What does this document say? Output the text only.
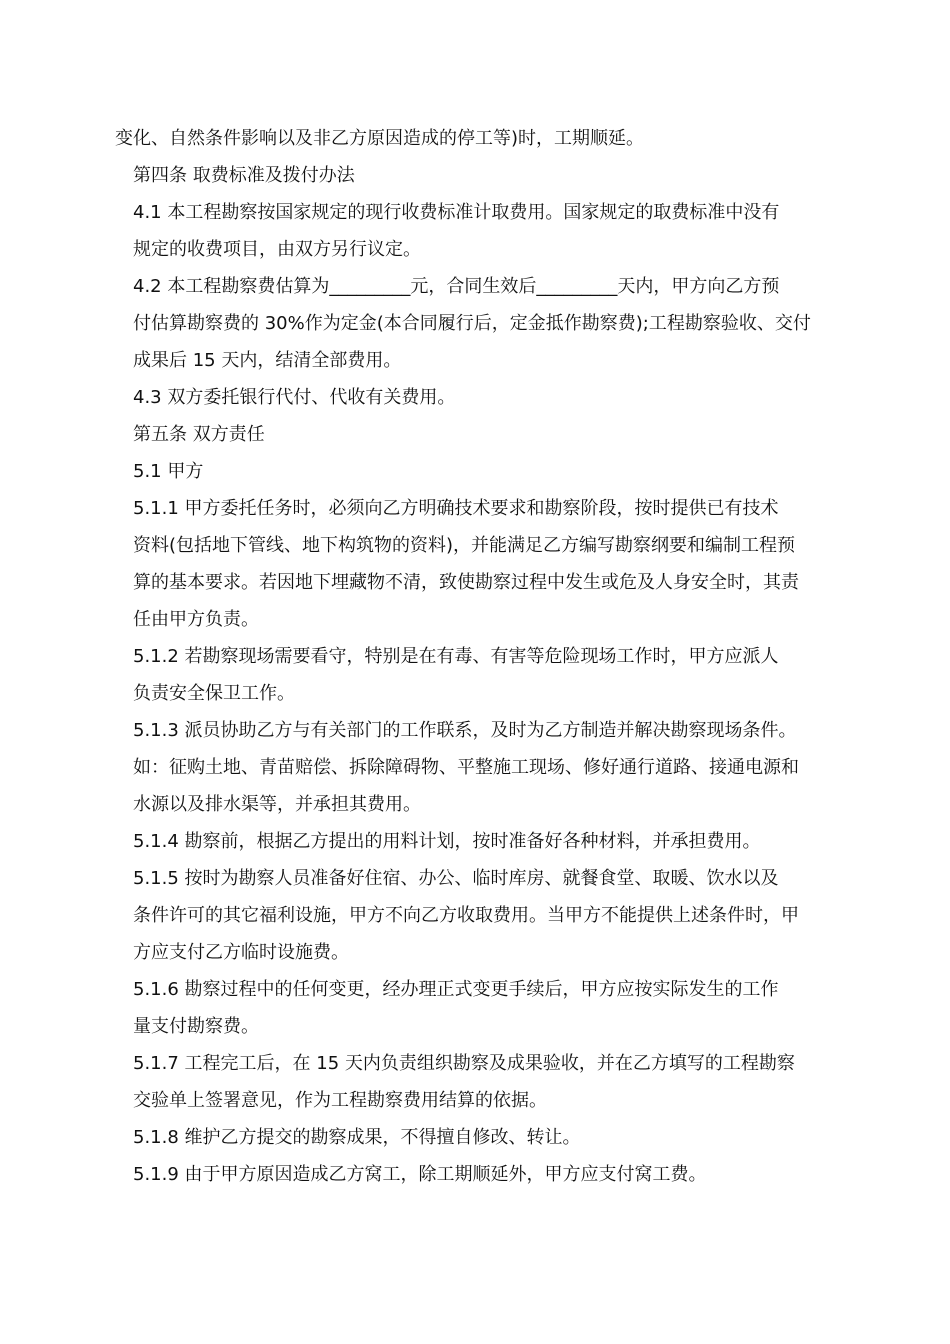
变化、自然条件影响以及非乙方原因造成的停工等)时，工期顺延。

第四条 取费标准及拨付办法

4.1 本工程勘察按国家规定的现行收费标准计取费用。国家规定的取费标准中没有
规定的收费项目，由双方另行议定。

4.2 本工程勘察费估算为_________元，合同生效后_________天内，甲方向乙方预
付估算勘察费的 30%作为定金(本合同履行后，定金抵作勘察费);工程勘察验收、交付
成果后 15 天内，结清全部费用。

4.3 双方委托银行代付、代收有关费用。

第五条 双方责任

5.1 甲方

5.1.1 甲方委托任务时，必须向乙方明确技术要求和勘察阶段，按时提供已有技术
资料(包括地下管线、地下构筑物的资料)，并能满足乙方编写勘察纲要和编制工程预
算的基本要求。若因地下埋藏物不清，致使勘察过程中发生或危及人身安全时，其责
任由甲方负责。

5.1.2 若勘察现场需要看守，特别是在有毒、有害等危险现场工作时，甲方应派人
负责安全保卫工作。

5.1.3 派员协助乙方与有关部门的工作联系，及时为乙方制造并解决勘察现场条件。
如：征购土地、青苗赔偿、拆除障碍物、平整施工现场、修好通行道路、接通电源和
水源以及排水渠等，并承担其费用。

5.1.4 勘察前，根据乙方提出的用料计划，按时准备好各种材料，并承担费用。

5.1.5 按时为勘察人员准备好住宿、办公、临时库房、就餐食堂、取暖、饮水以及
条件许可的其它福利设施，甲方不向乙方收取费用。当甲方不能提供上述条件时，甲
方应支付乙方临时设施费。

5.1.6 勘察过程中的任何变更，经办理正式变更手续后，甲方应按实际发生的工作
量支付勘察费。

5.1.7 工程完工后，在 15 天内负责组织勘察及成果验收，并在乙方填写的工程勘察
交验单上签署意见，作为工程勘察费用结算的依据。

5.1.8 维护乙方提交的勘察成果，不得擅自修改、转让。

5.1.9 由于甲方原因造成乙方窝工，除工期顺延外，甲方应支付窝工费。
